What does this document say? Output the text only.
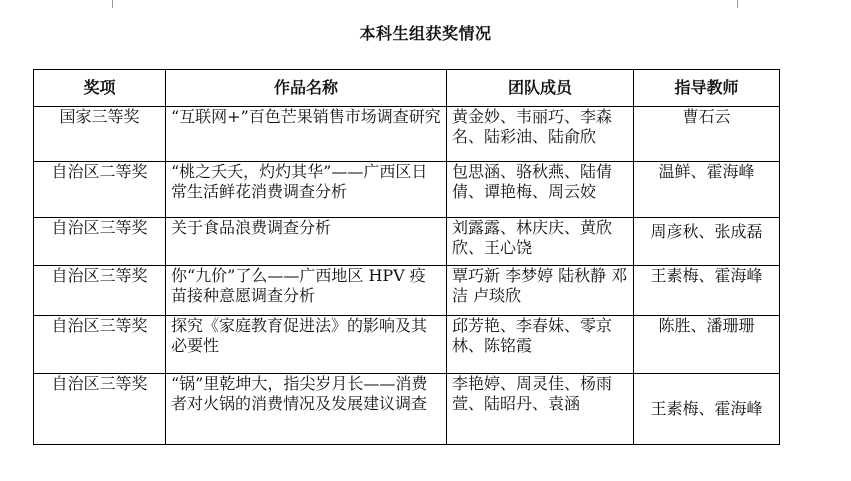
本科生组获奖情况
奖项	作品名称	团队成员	指导教师
国家三等奖	“互联网+”百色芒果销售市场调查研究	黄金妙、韦丽巧、李森名、陆彩油、陆俞欣	曹石云
自治区二等奖	“桃之夭夭，灼灼其华”——广西区日常生活鲜花消费调查分析	包思涵、骆秋燕、陆倩倩、谭艳梅、周云姣	温鲜、霍海峰
自治区三等奖	关于食品浪费调查分析	刘露露、林庆庆、黄欣欣、王心饶	周彦秋、张成磊
自治区三等奖	你“九价”了么——广西地区 HPV 疫苗接种意愿调查分析	覃巧新 李梦婷 陆秋静 邓洁 卢琰欣	王素梅、霍海峰
自治区三等奖	探究《家庭教育促进法》的影响及其必要性	邱芳艳、李春妹、零京林、陈铭霞	陈胜、潘珊珊
自治区三等奖	“锅”里乾坤大，指尖岁月长——消费者对火锅的消费情况及发展建议调查	李艳婷、周灵佳、杨雨萱、陆昭丹、袁涵	王素梅、霍海峰
